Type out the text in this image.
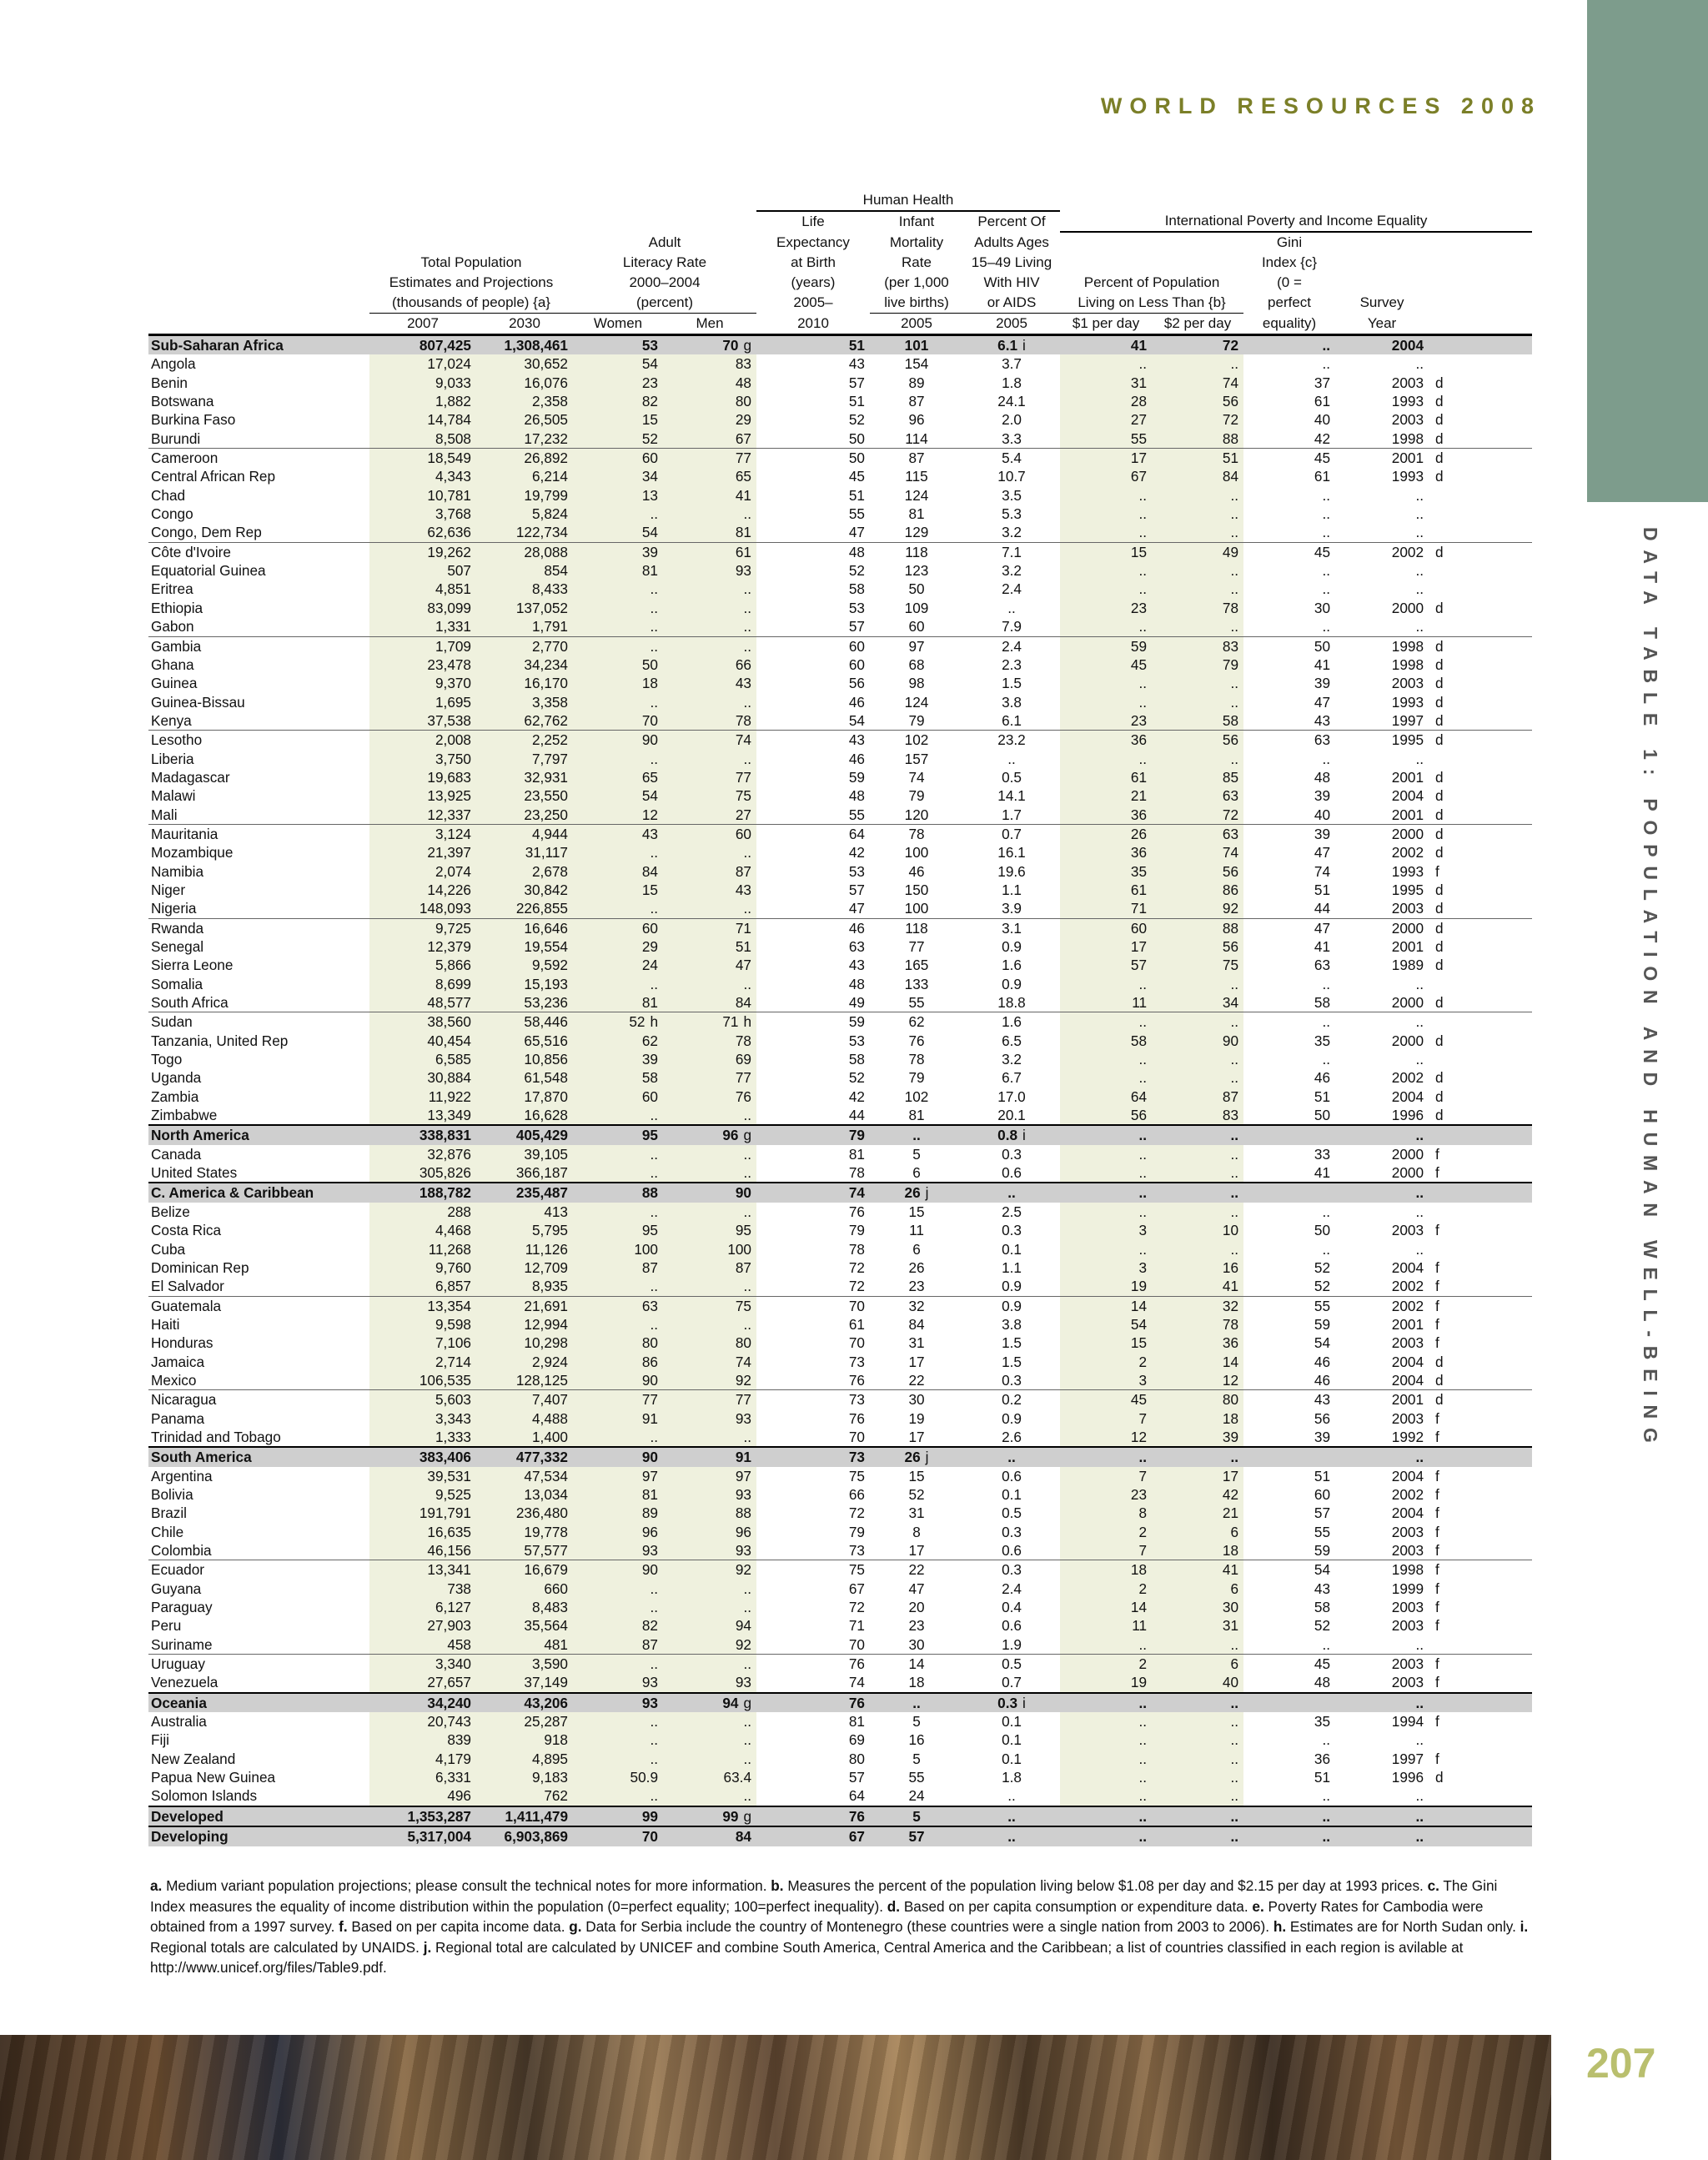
WORLD RESOURCES 2008
DATA TABLE 1: POPULATION AND HUMAN WELL-BEING
					Human Health							
					Life	Infant	Percent Of	International Poverty and Income Equality				
			Adult		Expectancy	Mortality	Adults Ages			Gini		
	Total Population		Literacy Rate		at Birth	Rate	15–49 Living			Index {c}		
	Estimates and Projections		2000–2004		(years)	(per 1,000	With HIV	Percent of Population		(0 =		
	(thousands of people) {a}		(percent)		2005–	live births)	or AIDS	Living on Less Than {b}		perfect	Survey	
	2007	2030	Women	Men	2010	2005	2005	$1 per day	$2 per day	equality)	Year	
Sub-Saharan Africa	807,425	1,308,461	53	70 g	51	101	6.1 i	41	72	..	2004	
Angola	17,024	30,652	54	83	43	154	3.7	..	..	..	..	
Benin	9,033	16,076	23	48	57	89	1.8	31	74	37	2003	d
Botswana	1,882	2,358	82	80	51	87	24.1	28	56	61	1993	d
Burkina Faso	14,784	26,505	15	29	52	96	2.0	27	72	40	2003	d
Burundi	8,508	17,232	52	67	50	114	3.3	55	88	42	1998	d
Cameroon	18,549	26,892	60	77	50	87	5.4	17	51	45	2001	d
Central African Rep	4,343	6,214	34	65	45	115	10.7	67	84	61	1993	d
Chad	10,781	19,799	13	41	51	124	3.5	..	..	..	..	
Congo	3,768	5,824	..	..	55	81	5.3	..	..	..	..	
Congo, Dem Rep	62,636	122,734	54	81	47	129	3.2	..	..	..	..	
Côte d'Ivoire	19,262	28,088	39	61	48	118	7.1	15	49	45	2002	d
Equatorial Guinea	507	854	81	93	52	123	3.2	..	..	..	..	
Eritrea	4,851	8,433	..	..	58	50	2.4	..	..	..	..	
Ethiopia	83,099	137,052	..	..	53	109	..	23	78	30	2000	d
Gabon	1,331	1,791	..	..	57	60	7.9	..	..	..	..	
Gambia	1,709	2,770	..	..	60	97	2.4	59	83	50	1998	d
Ghana	23,478	34,234	50	66	60	68	2.3	45	79	41	1998	d
Guinea	9,370	16,170	18	43	56	98	1.5	..	..	39	2003	d
Guinea-Bissau	1,695	3,358	..	..	46	124	3.8	..	..	47	1993	d
Kenya	37,538	62,762	70	78	54	79	6.1	23	58	43	1997	d
Lesotho	2,008	2,252	90	74	43	102	23.2	36	56	63	1995	d
Liberia	3,750	7,797	..	..	46	157	..	..	..	..	..	
Madagascar	19,683	32,931	65	77	59	74	0.5	61	85	48	2001	d
Malawi	13,925	23,550	54	75	48	79	14.1	21	63	39	2004	d
Mali	12,337	23,250	12	27	55	120	1.7	36	72	40	2001	d
Mauritania	3,124	4,944	43	60	64	78	0.7	26	63	39	2000	d
Mozambique	21,397	31,117	..	..	42	100	16.1	36	74	47	2002	d
Namibia	2,074	2,678	84	87	53	46	19.6	35	56	74	1993	f
Niger	14,226	30,842	15	43	57	150	1.1	61	86	51	1995	d
Nigeria	148,093	226,855	..	..	47	100	3.9	71	92	44	2003	d
Rwanda	9,725	16,646	60	71	46	118	3.1	60	88	47	2000	d
Senegal	12,379	19,554	29	51	63	77	0.9	17	56	41	2001	d
Sierra Leone	5,866	9,592	24	47	43	165	1.6	57	75	63	1989	d
Somalia	8,699	15,193	..	..	48	133	0.9	..	..	..	..	
South Africa	48,577	53,236	81	84	49	55	18.8	11	34	58	2000	d
Sudan	38,560	58,446	52 h	71 h	59	62	1.6	..	..	..	..	
Tanzania, United Rep	40,454	65,516	62	78	53	76	6.5	58	90	35	2000	d
Togo	6,585	10,856	39	69	58	78	3.2	..	..	..	..	
Uganda	30,884	61,548	58	77	52	79	6.7	..	..	46	2002	d
Zambia	11,922	17,870	60	76	42	102	17.0	64	87	51	2004	d
Zimbabwe	13,349	16,628	..	..	44	81	20.1	56	83	50	1996	d
North America	338,831	405,429	95	96 g	79	..	0.8 i	..	..		..	
Canada	32,876	39,105	..	..	81	5	0.3	..	..	33	2000	f
United States	305,826	366,187	..	..	78	6	0.6	..	..	41	2000	f
C. America & Caribbean	188,782	235,487	88	90	74	26 j	..	..	..		..	
Belize	288	413	..	..	76	15	2.5	..	..	..	..	
Costa Rica	4,468	5,795	95	95	79	11	0.3	3	10	50	2003	f
Cuba	11,268	11,126	100	100	78	6	0.1	..	..	..	..	
Dominican Rep	9,760	12,709	87	87	72	26	1.1	3	16	52	2004	f
El Salvador	6,857	8,935	..	..	72	23	0.9	19	41	52	2002	f
Guatemala	13,354	21,691	63	75	70	32	0.9	14	32	55	2002	f
Haiti	9,598	12,994	..	..	61	84	3.8	54	78	59	2001	f
Honduras	7,106	10,298	80	80	70	31	1.5	15	36	54	2003	f
Jamaica	2,714	2,924	86	74	73	17	1.5	2	14	46	2004	d
Mexico	106,535	128,125	90	92	76	22	0.3	3	12	46	2004	d
Nicaragua	5,603	7,407	77	77	73	30	0.2	45	80	43	2001	d
Panama	3,343	4,488	91	93	76	19	0.9	7	18	56	2003	f
Trinidad and Tobago	1,333	1,400	..	..	70	17	2.6	12	39	39	1992	f
South America	383,406	477,332	90	91	73	26 j	..	..	..		..	
Argentina	39,531	47,534	97	97	75	15	0.6	7	17	51	2004	f
Bolivia	9,525	13,034	81	93	66	52	0.1	23	42	60	2002	f
Brazil	191,791	236,480	89	88	72	31	0.5	8	21	57	2004	f
Chile	16,635	19,778	96	96	79	8	0.3	2	6	55	2003	f
Colombia	46,156	57,577	93	93	73	17	0.6	7	18	59	2003	f
Ecuador	13,341	16,679	90	92	75	22	0.3	18	41	54	1998	f
Guyana	738	660	..	..	67	47	2.4	2	6	43	1999	f
Paraguay	6,127	8,483	..	..	72	20	0.4	14	30	58	2003	f
Peru	27,903	35,564	82	94	71	23	0.6	11	31	52	2003	f
Suriname	458	481	87	92	70	30	1.9	..	..	..	..	
Uruguay	3,340	3,590	..	..	76	14	0.5	2	6	45	2003	f
Venezuela	27,657	37,149	93	93	74	18	0.7	19	40	48	2003	f
Oceania	34,240	43,206	93	94 g	76	..	0.3 i	..	..		..	
Australia	20,743	25,287	..	..	81	5	0.1	..	..	35	1994	f
Fiji	839	918	..	..	69	16	0.1	..	..	..	..	
New Zealand	4,179	4,895	..	..	80	5	0.1	..	..	36	1997	f
Papua New Guinea	6,331	9,183	50.9	63.4	57	55	1.8	..	..	51	1996	d
Solomon Islands	496	762	..	..	64	24	..	..	..	..	..	
Developed	1,353,287	1,411,479	99	99 g	76	5	..	..	..	..	..	
Developing	5,317,004	6,903,869	70	84	67	57	..	..	..	..	..	
a. Medium variant population projections; please consult the technical notes for more information. b. Measures the percent of the population living below $1.08 per day and $2.15 per day at 1993 prices. c. The Gini Index measures the equality of income distribution within the population (0=perfect equality; 100=perfect inequality). d. Based on per capita consumption or expenditure data. e. Poverty Rates for Cambodia were obtained from a 1997 survey. f. Based on per capita income data. g. Data for Serbia include the country of Montenegro (these countries were a single nation from 2003 to 2006). h. Estimates are for North Sudan only. i. Regional totals are calculated by UNAIDS. j. Regional total are calculated by UNICEF and combine South America, Central America and the Caribbean; a list of countries classified in each region is avilable at http://www.unicef.org/files/Table9.pdf.
207
